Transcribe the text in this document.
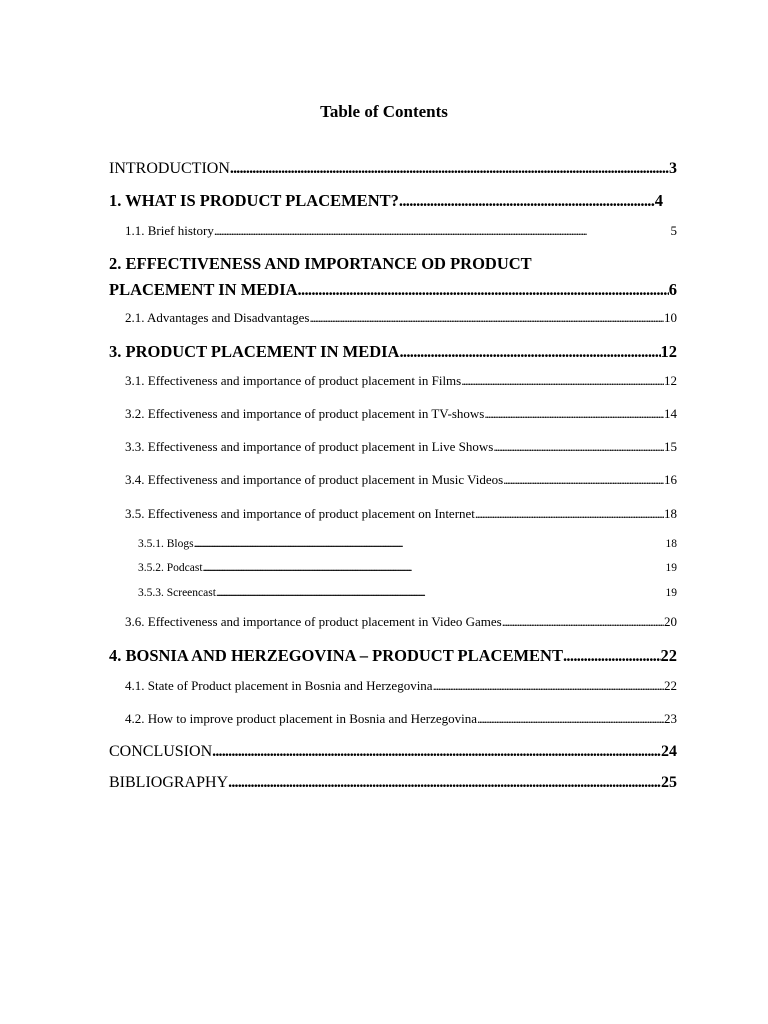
Table of Contents
INTRODUCTION . . .	3
1. WHAT IS PRODUCT PLACEMENT? . . .	4
1.1. Brief history . . .	5
2. EFFECTIVENESS AND IMPORTANCE OD PRODUCT
PLACEMENT IN MEDIA . . .	6
2.1. Advantages and Disadvantages . . .	10
3. PRODUCT PLACEMENT IN MEDIA . . .	12
3.1. Effectiveness and importance of product placement in Films . . .	12
3.2. Effectiveness and importance of product placement in TV-shows . . .	14
3.3. Effectiveness and importance of product placement in Live Shows . . .	15
3.4. Effectiveness and importance of product placement in Music Videos . . .	16
3.5. Effectiveness and importance of product placement on Internet . . .	18
3.5.1. Blogs . . .	18
3.5.2. Podcast . . .	19
3.5.3. Screencast . . .	19
3.6. Effectiveness and importance of product placement in Video Games . . .	20
4. BOSNIA AND HERZEGOVINA – PRODUCT PLACEMENT . . .	22
4.1. State of Product placement in Bosnia and Herzegovina . . .	22
4.2. How to improve product placement in Bosnia and Herzegovina . . .	23
CONCLUSION . . .	24
BIBLIOGRAPHY . . .	25
